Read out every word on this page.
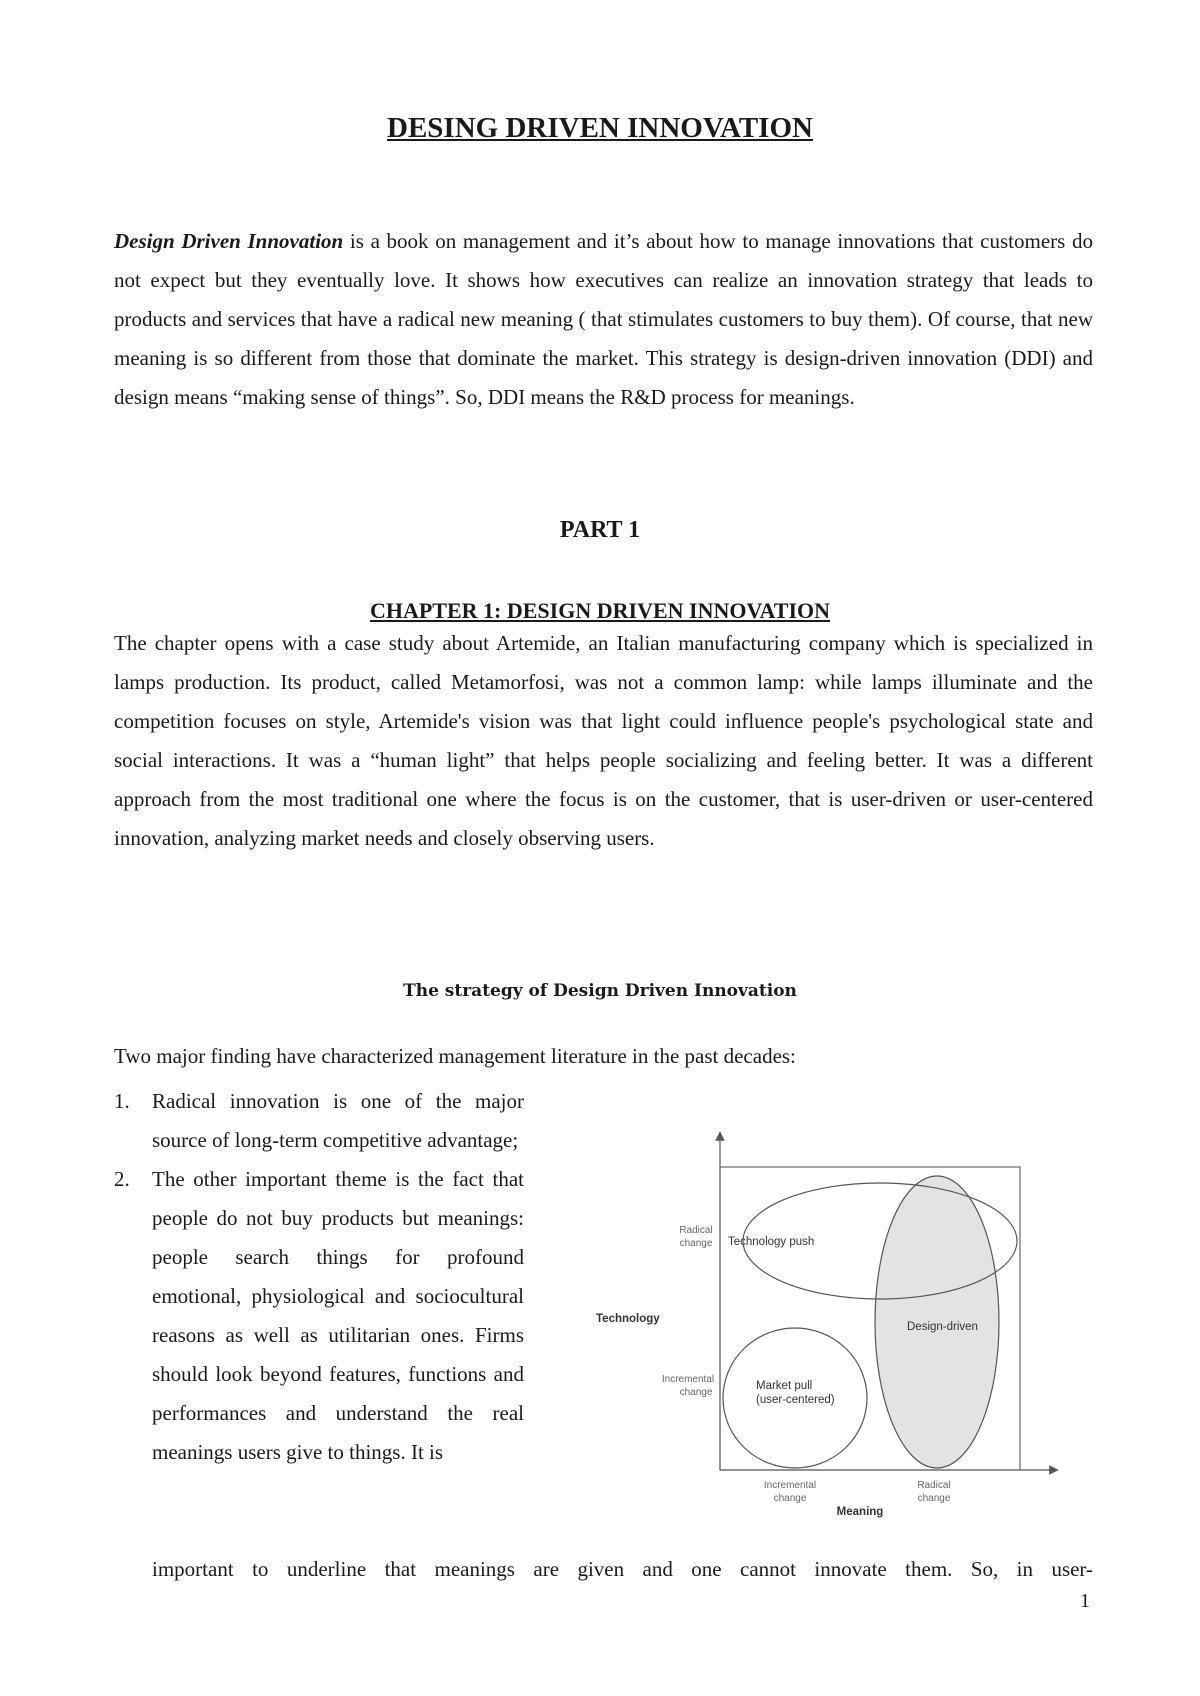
DESING DRIVEN INNOVATION

Design Driven Innovation is a book on management and it’s about how to manage innovations that customers do not expect but they eventually love. It shows how executives can realize an innovation strategy that leads to products and services that have a radical new meaning ( that stimulates customers to buy them). Of course, that new meaning is so different from those that dominate the market. This strategy is design-driven innovation (DDI) and design means “making sense of things”. So, DDI means the R&D process for meanings.

PART 1
CHAPTER 1: DESIGN DRIVEN INNOVATION

The chapter opens with a case study about Artemide, an Italian manufacturing company which is specialized in lamps production. Its product, called Metamorfosi, was not a common lamp: while lamps illuminate and the competition focuses on style, Artemide's vision was that light could influence people's psychological state and social interactions. It was a “human light” that helps people socializing and feeling better. It was a different approach from the most traditional one where the focus is on the customer, that is user-driven or user-centered innovation, analyzing market needs and closely observing users.

The strategy of Design Driven Innovation
Two major finding have characterized management literature in the past decades:
1. Radical innovation is one of the major source of long-term competitive advantage;
2. The other important theme is the fact that people do not buy products but meanings: people search things for profound emotional, physiological and sociocultural reasons as well as utilitarian ones. Firms should look beyond features, functions and performances and understand the real meanings users give to things. It is
important to underline that meanings are given and one cannot innovate them. So, in user-
1
Technology push
Design-driven
Market pull
(user-centered)
Technology
Radical
change
Incremental
change
Incremental
change
Radical
change
Meaning
